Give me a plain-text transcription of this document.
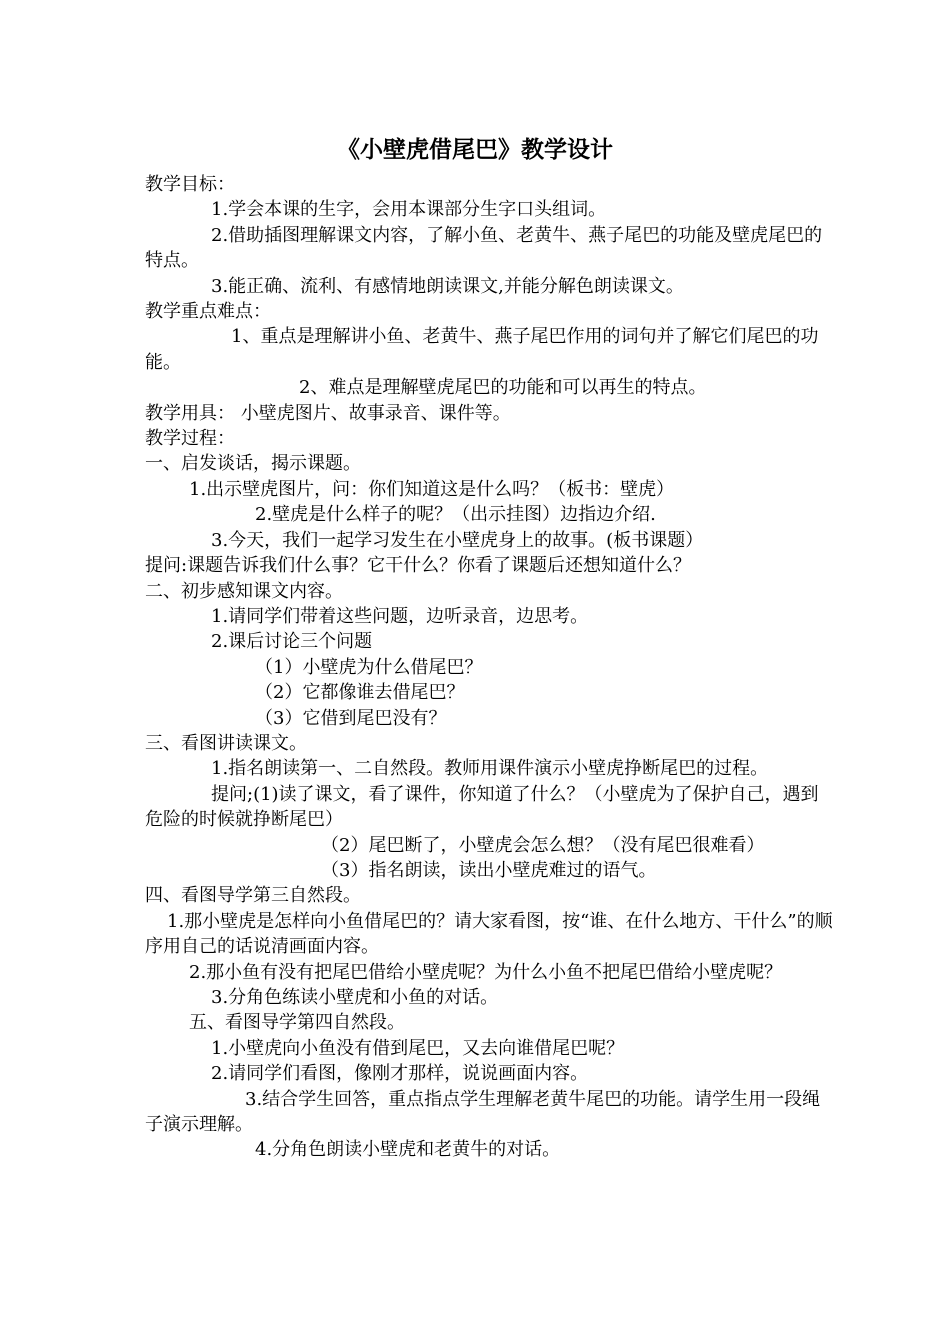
《小壁虎借尾巴》教学设计

教学目标：

1.学会本课的生字，会用本课部分生字口头组词。

2.借助插图理解课文内容，了解小鱼、老黄牛、燕子尾巴的功能及壁虎尾巴的特点。

3.能正确、流利、有感情地朗读课文,并能分解色朗读课文。

教学重点难点：

1、重点是理解讲小鱼、老黄牛、燕子尾巴作用的词句并了解它们尾巴的功能。

2、难点是理解壁虎尾巴的功能和可以再生的特点。

教学用具： 小壁虎图片、故事录音、课件等。

教学过程：

一、启发谈话，揭示课题。

1.出示壁虎图片，问：你们知道这是什么吗？（板书：壁虎）

2.壁虎是什么样子的呢？（出示挂图）边指边介绍.

3.今天，我们一起学习发生在小壁虎身上的故事。(板书课题）

提问:课题告诉我们什么事？它干什么？你看了课题后还想知道什么？

二、初步感知课文内容。

1.请同学们带着这些问题，边听录音，边思考。

2.课后讨论三个问题

（1）小壁虎为什么借尾巴？

（2）它都像谁去借尾巴？

（3）它借到尾巴没有？

三、看图讲读课文。

1.指名朗读第一、二自然段。教师用课件演示小壁虎挣断尾巴的过程。

提问;(1)读了课文，看了课件，你知道了什么？（小壁虎为了保护自己，遇到危险的时候就挣断尾巴）

（2）尾巴断了，小壁虎会怎么想？（没有尾巴很难看）

（3）指名朗读，读出小壁虎难过的语气。

四、看图导学第三自然段。

1.那小壁虎是怎样向小鱼借尾巴的？请大家看图，按“谁、在什么地方、干什么”的顺序用自己的话说清画面内容。

2.那小鱼有没有把尾巴借给小壁虎呢？为什么小鱼不把尾巴借给小壁虎呢？

3.分角色练读小壁虎和小鱼的对话。

五、看图导学第四自然段。

1.小壁虎向小鱼没有借到尾巴，又去向谁借尾巴呢？

2.请同学们看图，像刚才那样，说说画面内容。

3.结合学生回答，重点指点学生理解老黄牛尾巴的功能。请学生用一段绳子演示理解。

4.分角色朗读小壁虎和老黄牛的对话。
